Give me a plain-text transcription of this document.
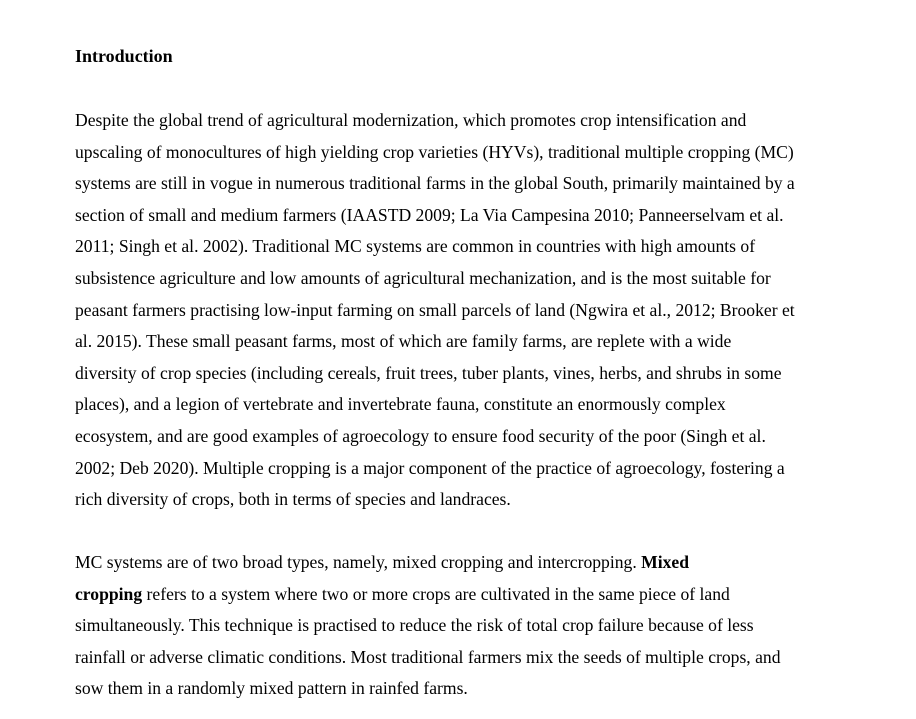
Introduction

Despite the global trend of agricultural modernization, which promotes crop intensification and
upscaling of monocultures of high yielding crop varieties (HYVs), traditional multiple cropping (MC)
systems are still in vogue in numerous traditional farms in the global South, primarily maintained by a
section of small and medium farmers (IAASTD 2009; La Via Campesina 2010; Panneerselvam et al.
2011; Singh et al. 2002). Traditional MC systems are common in countries with high amounts of
subsistence agriculture and low amounts of agricultural mechanization, and is the most suitable for
peasant farmers practising low-input farming on small parcels of land (Ngwira et al., 2012; Brooker et
al. 2015). These small peasant farms, most of which are family farms, are replete with a wide
diversity of crop species (including cereals, fruit trees, tuber plants, vines, herbs, and shrubs in some
places), and a legion of vertebrate and invertebrate fauna, constitute an enormously complex
ecosystem, and are good examples of agroecology to ensure food security of the poor (Singh et al.
2002; Deb 2020). Multiple cropping is a major component of the practice of agroecology, fostering a
rich diversity of crops, both in terms of species and landraces.

MC systems are of two broad types, namely, mixed cropping and intercropping. Mixed
cropping refers to a system where two or more crops are cultivated in the same piece of land
simultaneously. This technique is practised to reduce the risk of total crop failure because of less
rainfall or adverse climatic conditions. Most traditional farmers mix the seeds of multiple crops, and
sow them in a randomly mixed pattern in rainfed farms.
